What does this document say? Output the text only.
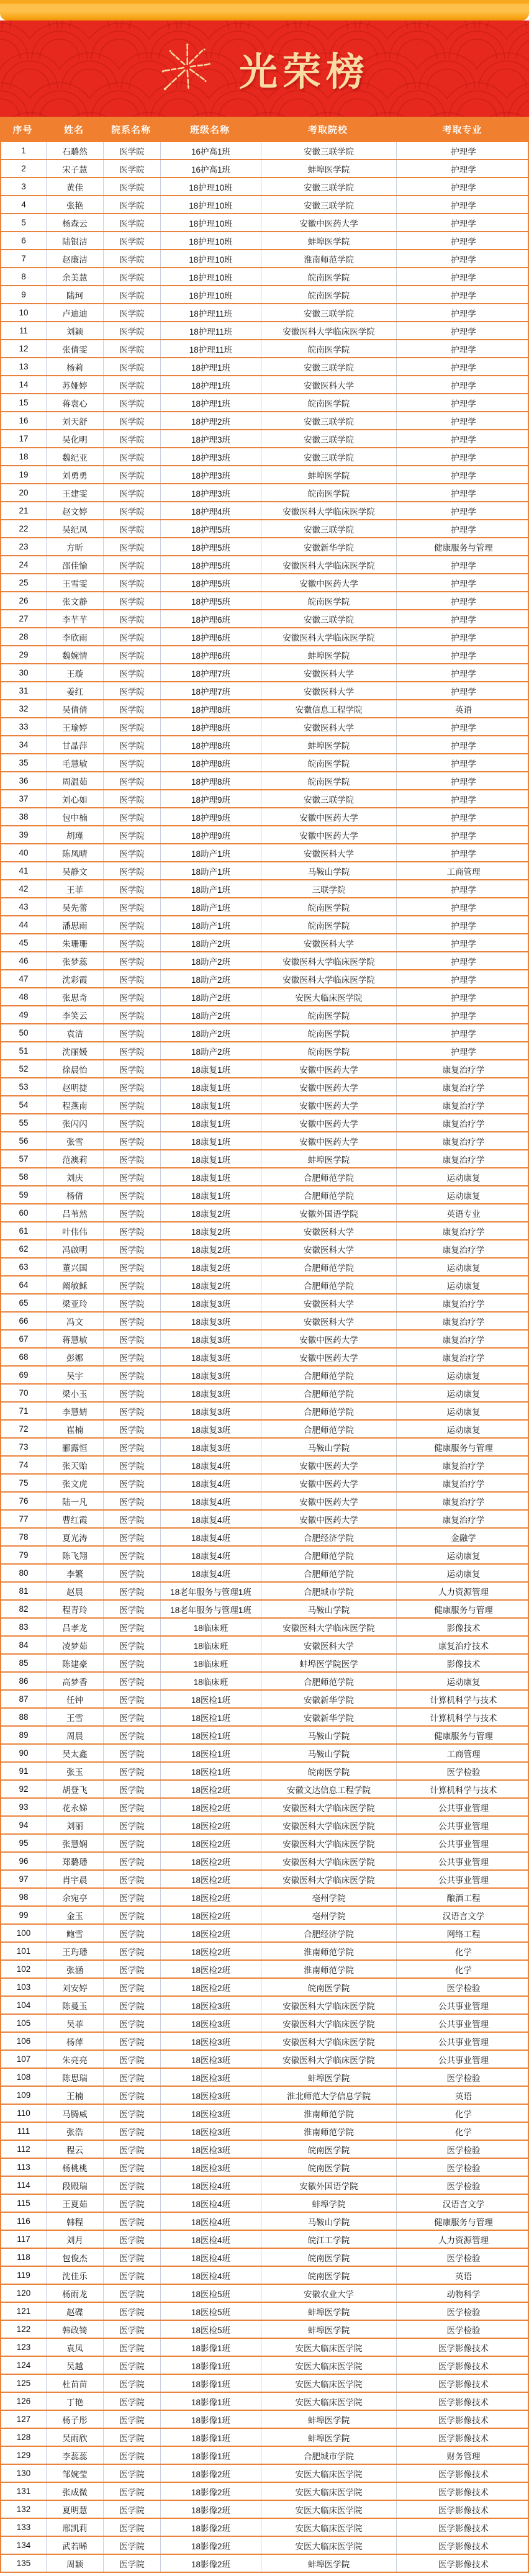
光荣榜
序号	姓名	院系名称	班级名称	考取院校	考取专业
1	石璐然	医学院	16护高1班	安徽三联学院	护理学
2	宋子慧	医学院	16护高1班	蚌埠医学院	护理学
3	黄佳	医学院	18护理10班	安徽三联学院	护理学
4	张艳	医学院	18护理10班	安徽三联学院	护理学
5	杨森云	医学院	18护理10班	安徽中医药大学	护理学
6	陆银洁	医学院	18护理10班	蚌埠医学院	护理学
7	赵廉洁	医学院	18护理10班	淮南师范学院	护理学
8	余美慧	医学院	18护理10班	皖南医学院	护理学
9	陆珂	医学院	18护理10班	皖南医学院	护理学
10	卢迪迪	医学院	18护理11班	安徽三联学院	护理学
11	刘颖	医学院	18护理11班	安徽医科大学临床医学院	护理学
12	张倩雯	医学院	18护理11班	皖南医学院	护理学
13	杨莉	医学院	18护理1班	安徽三联学院	护理学
14	苏娅婷	医学院	18护理1班	安徽医科大学	护理学
15	蒋袁心	医学院	18护理1班	皖南医学院	护理学
16	刘天舒	医学院	18护理2班	安徽三联学院	护理学
17	吴化明	医学院	18护理3班	安徽三联学院	护理学
18	魏纪亚	医学院	18护理3班	安徽三联学院	护理学
19	刘勇勇	医学院	18护理3班	蚌埠医学院	护理学
20	王建雯	医学院	18护理3班	皖南医学院	护理学
21	赵文婷	医学院	18护理4班	安徽医科大学临床医学院	护理学
22	吴纪凤	医学院	18护理5班	安徽三联学院	护理学
23	方昕	医学院	18护理5班	安徽新华学院	健康服务与管理
24	邵佳愉	医学院	18护理5班	安徽医科大学临床医学院	护理学
25	王雪雯	医学院	18护理5班	安徽中医药大学	护理学
26	张文静	医学院	18护理5班	皖南医学院	护理学
27	李芊芊	医学院	18护理6班	安徽三联学院	护理学
28	李欣雨	医学院	18护理6班	安徽医科大学临床医学院	护理学
29	魏婉情	医学院	18护理6班	蚌埠医学院	护理学
30	王璇	医学院	18护理7班	安徽医科大学	护理学
31	姜红	医学院	18护理7班	安徽医科大学	护理学
32	吴倩倩	医学院	18护理8班	安徽信息工程学院	英语
33	王瑜婷	医学院	18护理8班	安徽医科大学	护理学
34	甘晶萍	医学院	18护理8班	蚌埠医学院	护理学
35	毛慧敏	医学院	18护理8班	皖南医学院	护理学
36	周温茹	医学院	18护理8班	皖南医学院	护理学
37	刘心如	医学院	18护理9班	安徽三联学院	护理学
38	包中楠	医学院	18护理9班	安徽中医药大学	护理学
39	胡瑾	医学院	18护理9班	安徽中医药大学	护理学
40	陈凤晴	医学院	18助产1班	安徽医科大学	护理学
41	吴静文	医学院	18助产1班	马鞍山学院	工商管理
42	王菲	医学院	18助产1班	三联学院	护理学
43	吴先蕾	医学院	18助产1班	皖南医学院	护理学
44	潘思雨	医学院	18助产1班	皖南医学院	护理学
45	朱珊珊	医学院	18助产2班	安徽医科大学	护理学
46	张梦蕊	医学院	18助产2班	安徽医科大学临床医学院	护理学
47	沈彩霞	医学院	18助产2班	安徽医科大学临床医学院	护理学
48	张思奇	医学院	18助产2班	安医大临床医学院	护理学
49	李笑云	医学院	18助产2班	皖南医学院	护理学
50	袁洁	医学院	18助产2班	皖南医学院	护理学
51	沈丽媛	医学院	18助产2班	皖南医学院	护理学
52	徐晨怡	医学院	18康复1班	安徽中医药大学	康复治疗学
53	赵明捷	医学院	18康复1班	安徽中医药大学	康复治疗学
54	程燕南	医学院	18康复1班	安徽中医药大学	康复治疗学
55	张闪闪	医学院	18康复1班	安徽中医药大学	康复治疗学
56	张雪	医学院	18康复1班	安徽中医药大学	康复治疗学
57	范澳莉	医学院	18康复1班	蚌埠医学院	康复治疗学
58	刘庆	医学院	18康复1班	合肥师范学院	运动康复
59	杨倩	医学院	18康复1班	合肥师范学院	运动康复
60	吕苇然	医学院	18康复2班	安徽外国语学院	英语专业
61	叶伟伟	医学院	18康复2班	安徽医科大学	康复治疗学
62	冯啟明	医学院	18康复2班	安徽医科大学	康复治疗学
63	董兴国	医学院	18康复2班	合肥师范学院	运动康复
64	阚敏稣	医学院	18康复2班	合肥师范学院	运动康复
65	梁亚玲	医学院	18康复3班	安徽医科大学	康复治疗学
66	冯文	医学院	18康复3班	安徽医科大学	康复治疗学
67	蒋慧敏	医学院	18康复3班	安徽中医药大学	康复治疗学
68	彭娜	医学院	18康复3班	安徽中医药大学	康复治疗学
69	吴宇	医学院	18康复3班	合肥师范学院	运动康复
70	梁小玉	医学院	18康复3班	合肥师范学院	运动康复
71	李慧婧	医学院	18康复3班	合肥师范学院	运动康复
72	崔楠	医学院	18康复3班	合肥师范学院	运动康复
73	郦露恒	医学院	18康复3班	马鞍山学院	健康服务与管理
74	张天贻	医学院	18康复4班	安徽中医药大学	康复治疗学
75	张文虎	医学院	18康复4班	安徽中医药大学	康复治疗学
76	陆一凡	医学院	18康复4班	安徽中医药大学	康复治疗学
77	曹红霞	医学院	18康复4班	安徽中医药大学	康复治疗学
78	夏光涛	医学院	18康复4班	合肥经济学院	金融学
79	陈飞翔	医学院	18康复4班	合肥师范学院	运动康复
80	李繁	医学院	18康复4班	合肥师范学院	运动康复
81	赵晨	医学院	18老年服务与管理1班	合肥城市学院	人力资源管理
82	程青玲	医学院	18老年服务与管理1班	马鞍山学院	健康服务与管理
83	吕孝龙	医学院	18临床班	安徽医科大学临床医学院	影像技术
84	凌梦茹	医学院	18临床班	安徽医科大学	康复治疗技术
85	陈建豪	医学院	18临床班	蚌埠医学院医学	影像技术
86	高梦香	医学院	18临床班	合肥师范学院	运动康复
87	任钟	医学院	18医检1班	安徽新华学院	计算机科学与技术
88	王雪	医学院	18医检1班	安徽新华学院	计算机科学与技术
89	周晨	医学院	18医检1班	马鞍山学院	健康服务与管理
90	吴太鑫	医学院	18医检1班	马鞍山学院	工商管理
91	张玉	医学院	18医检1班	皖南医学院	医学检验
92	胡登飞	医学院	18医检2班	安徽文达信息工程学院	计算机科学与技术
93	花永娣	医学院	18医检2班	安徽医科大学临床医学院	公共事业管理
94	刘丽	医学院	18医检2班	安徽医科大学临床医学院	公共事业管理
95	张慧娴	医学院	18医检2班	安徽医科大学临床医学院	公共事业管理
96	郑璐璠	医学院	18医检2班	安徽医科大学临床医学院	公共事业管理
97	肖宇晨	医学院	18医检2班	安徽医科大学临床医学院	公共事业管理
98	余宛亭	医学院	18医检2班	亳州学院	酿酒工程
99	金玉	医学院	18医检2班	亳州学院	汉语言文学
100	鲍雪	医学院	18医检2班	合肥经济学院	网络工程
101	王玙璠	医学院	18医检2班	淮南师范学院	化学
102	张涵	医学院	18医检2班	淮南师范学院	化学
103	刘安婷	医学院	18医检2班	皖南医学院	医学检验
104	陈曼玉	医学院	18医检3班	安徽医科大学临床医学院	公共事业管理
105	吴菲	医学院	18医检3班	安徽医科大学临床医学院	公共事业管理
106	杨萍	医学院	18医检3班	安徽医科大学临床医学院	公共事业管理
107	朱亮亮	医学院	18医检3班	安徽医科大学临床医学院	公共事业管理
108	陈思瑞	医学院	18医检3班	蚌埠医学院	医学检验
109	王楠	医学院	18医检3班	淮北师范大学信息学院	英语
110	马腾威	医学院	18医检3班	淮南师范学院	化学
111	张浩	医学院	18医检3班	淮南师范学院	化学
112	程云	医学院	18医检3班	皖南医学院	医学检验
113	杨桃桃	医学院	18医检3班	皖南医学院	医学检验
114	段殿瑞	医学院	18医检4班	安徽外国语学院	医学检验
115	王夏茹	医学院	18医检4班	蚌埠学院	汉语言文学
116	韩程	医学院	18医检4班	马鞍山学院	健康服务与管理
117	刘月	医学院	18医检4班	皖江工学院	人力资源管理
118	包俊杰	医学院	18医检4班	皖南医学院	医学检验
119	沈佳乐	医学院	18医检4班	皖南医学院	英语
120	杨雨龙	医学院	18医检5班	安徽农业大学	动物科学
121	赵碟	医学院	18医检5班	蚌埠医学院	医学检验
122	韩政锜	医学院	18医检5班	蚌埠医学院	医学检验
123	袁凤	医学院	18影像1班	安医大临床医学院	医学影像技术
124	吴越	医学院	18影像1班	安医大临床医学院	医学影像技术
125	杜苗苗	医学院	18影像1班	安医大临床医学院	医学影像技术
126	丁艳	医学院	18影像1班	安医大临床医学院	医学影像技术
127	杨子彤	医学院	18影像1班	蚌埠医学院	医学影像技术
128	吴雨欣	医学院	18影像1班	蚌埠医学院	医学影像技术
129	李蕊蕊	医学院	18影像1班	合肥城市学院	财务管理
130	邹婉莹	医学院	18影像2班	安医大临床医学院	医学影像技术
131	张成微	医学院	18影像2班	安医大临床医学院	医学影像技术
132	夏明慧	医学院	18影像2班	安医大临床医学院	医学影像技术
133	邢凯莉	医学院	18影像2班	安医大临床医学院	医学影像技术
134	武若晞	医学院	18影像2班	安医大临床医学院	医学影像技术
135	周颖	医学院	18影像2班	蚌埠医学院	医学影像技术
